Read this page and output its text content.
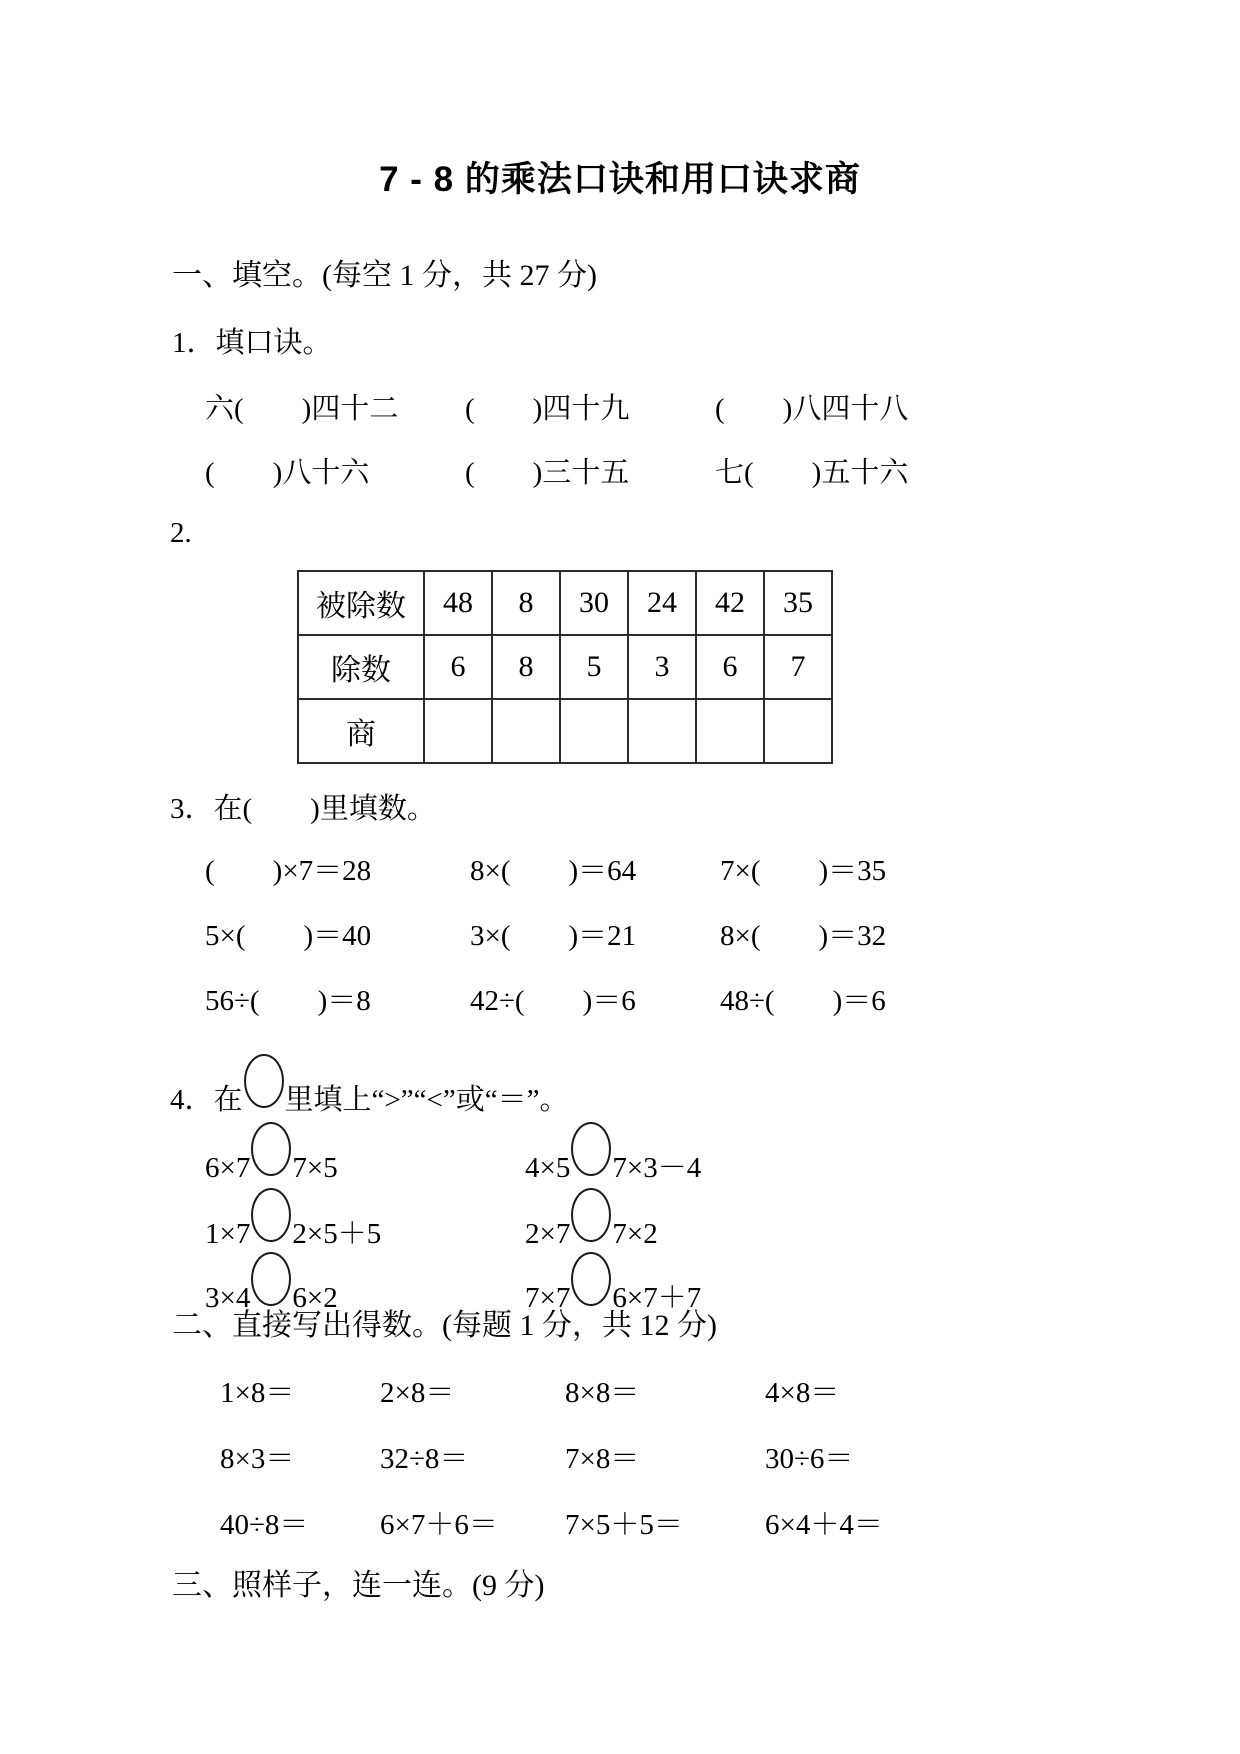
7 - 8 的乘法口诀和用口诀求商
一、填空。(每空 1 分，共 27 分)
1．填口诀。
六(　　)四十二	(　　)四十九	(　　)八四十八
(　　)八十六	(　　)三十五	七(　　)五十六
2.
被除数	48	8	30	24	42	35
除数	6	8	5	3	6	7
商						
3．在(　　)里填数。
(　　)×7＝28	8×(　　)＝64	7×(　　)＝35
5×(　　)＝40	3×(　　)＝21	8×(　　)＝32
56÷(　　)＝8	42÷(　　)＝6	48÷(　　)＝6
4．在 里填上“>”“<”或“＝”。
6×7 7×5	4×5 7×3－4
1×7 2×5＋5	2×7 7×2
3×4 6×2	7×7 6×7＋7
二、直接写出得数。(每题 1 分，共 12 分)
1×8＝	2×8＝	8×8＝	4×8＝
8×3＝	32÷8＝	7×8＝	30÷6＝
40÷8＝	6×7＋6＝	7×5＋5＝	6×4＋4＝
三、照样子，连一连。(9 分)
